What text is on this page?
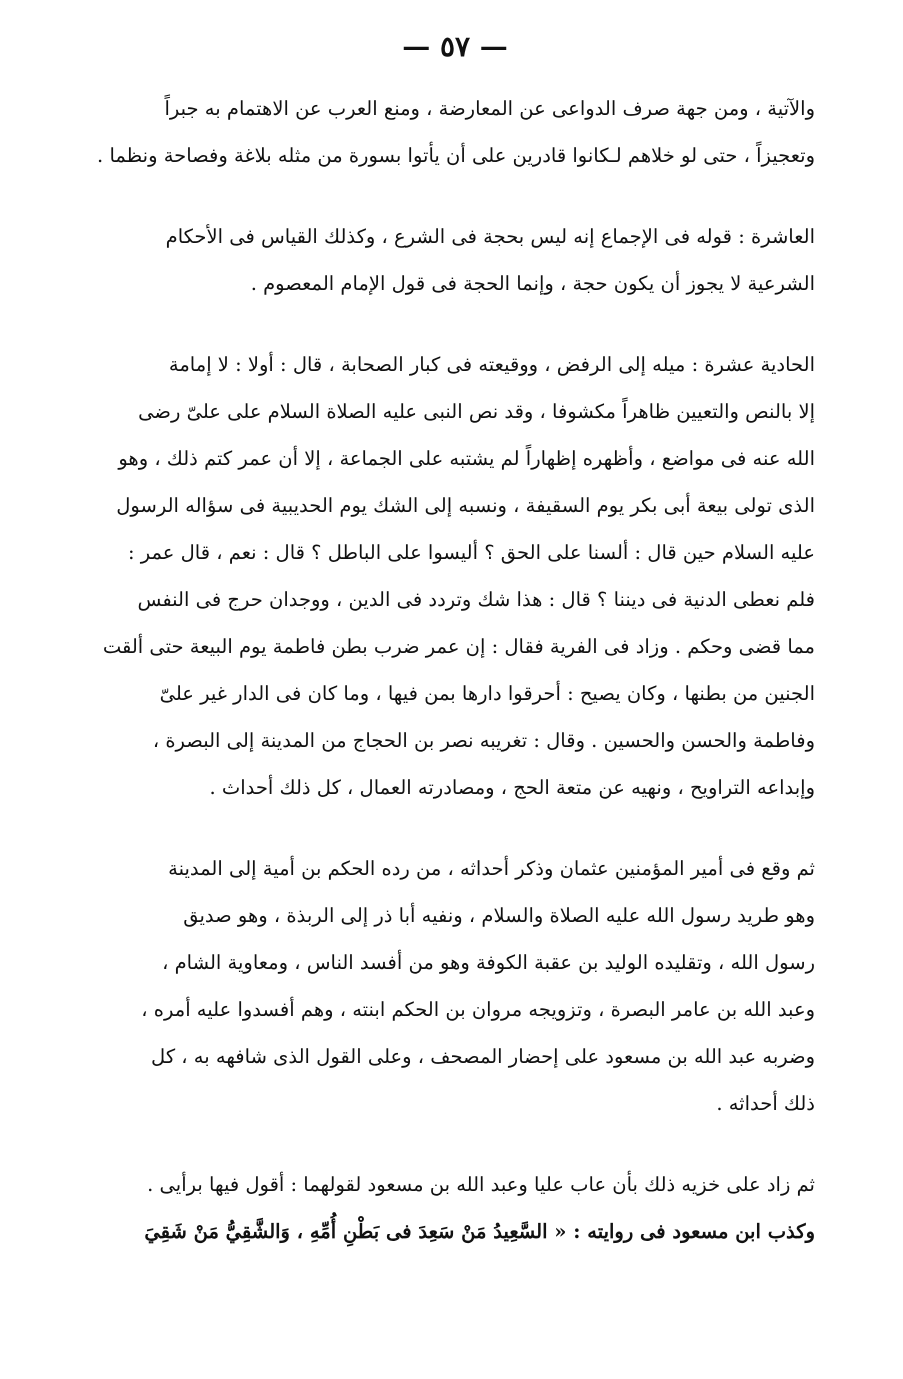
— ٥٧ —
والآتية ، ومن جهة صرف الدواعى عن المعارضة ، ومنع العرب عن الاهتمام به جبراً
وتعجيزاً ، حتى لو خلاهم لـكانوا قادرين على أن يأتوا بسورة من مثله بلاغة وفصاحة ونظما .
العاشرة : قوله فى الإجماع إنه ليس بحجة فى الشرع ، وكذلك القياس فى الأحكام
الشرعية لا يجوز أن يكون حجة ، وإنما الحجة فى قول الإمام المعصوم .
الحادية عشرة : ميله إلى الرفض ، ووقيعته فى كبار الصحابة ، قال : أولا : لا إمامة
إلا بالنص والتعيين ظاهراً مكشوفا ، وقد نص النبى عليه الصلاة السلام على علىّ رضى
الله عنه فى مواضع ، وأظهره إظهاراً لم يشتبه على الجماعة ، إلا أن عمر كتم ذلك ، وهو
الذى تولى بيعة أبى بكر يوم السقيفة ، ونسبه إلى الشك يوم الحديبية فى سؤاله الرسول
عليه السلام حين قال : ألسنا على الحق ؟ أليسوا على الباطل ؟ قال : نعم ، قال عمر :
فلم نعطى الدنية فى ديننا ؟ قال : هذا شك وتردد فى الدين ، ووجدان حرج فى النفس
مما قضى وحكم . وزاد فى الفرية فقال : إن عمر ضرب بطن فاطمة يوم البيعة حتى ألقت
الجنين من بطنها ، وكان يصيح : أحرقوا دارها بمن فيها ، وما كان فى الدار غير علىّ
وفاطمة والحسن والحسين . وقال : تغريبه نصر بن الحجاج من المدينة إلى البصرة ،
وإبداعه التراويح ، ونهيه عن متعة الحج ، ومصادرته العمال ، كل ذلك أحداث .
ثم وقع فى أمير المؤمنين عثمان وذكر أحداثه ، من رده الحكم بن أمية إلى المدينة
وهو طريد رسول الله عليه الصلاة والسلام ، ونفيه أبا ذر إلى الربذة ، وهو صديق
رسول الله ، وتقليده الوليد بن عقبة الكوفة وهو من أفسد الناس ، ومعاوية الشام ،
وعبد الله بن عامر البصرة ، وتزويجه مروان بن الحكم ابنته ، وهم أفسدوا عليه أمره ،
وضربه عبد الله بن مسعود على إحضار المصحف ، وعلى القول الذى شافهه به ، كل
ذلك أحداثه .
ثم زاد على خزيه ذلك بأن عاب عليا وعبد الله بن مسعود لقولهما : أقول فيها برأيى .
وكذب ابن مسعود فى روايته : « السَّعِيدُ مَنْ سَعِدَ فى بَطْنِ أُمِّهِ ، وَالشَّقِيُّ مَنْ شَقِيَ
